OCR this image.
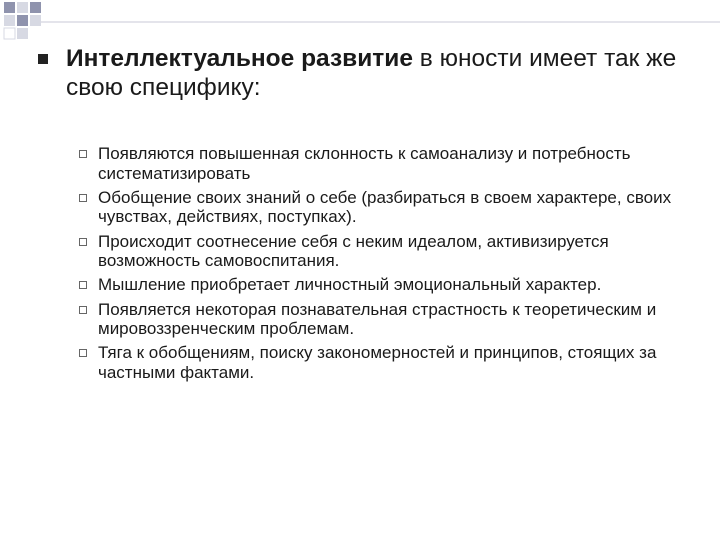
Интеллектуальное развитие в юности имеет так же свою специфику:
Появляются повышенная склонность к самоанализу и потребность систематизировать
Обобщение своих знаний о себе (разбираться в своем характере, своих чувствах, действиях, поступках).
Происходит соотнесение себя с неким идеалом, активизируется возможность самовоспитания.
Мышление приобретает личностный эмоциональный характер.
Появляется некоторая познавательная страстность к теоретическим и мировоззренческим проблемам.
Тяга к обобщениям, поиску закономерностей и принципов, стоящих за частными фактами.
